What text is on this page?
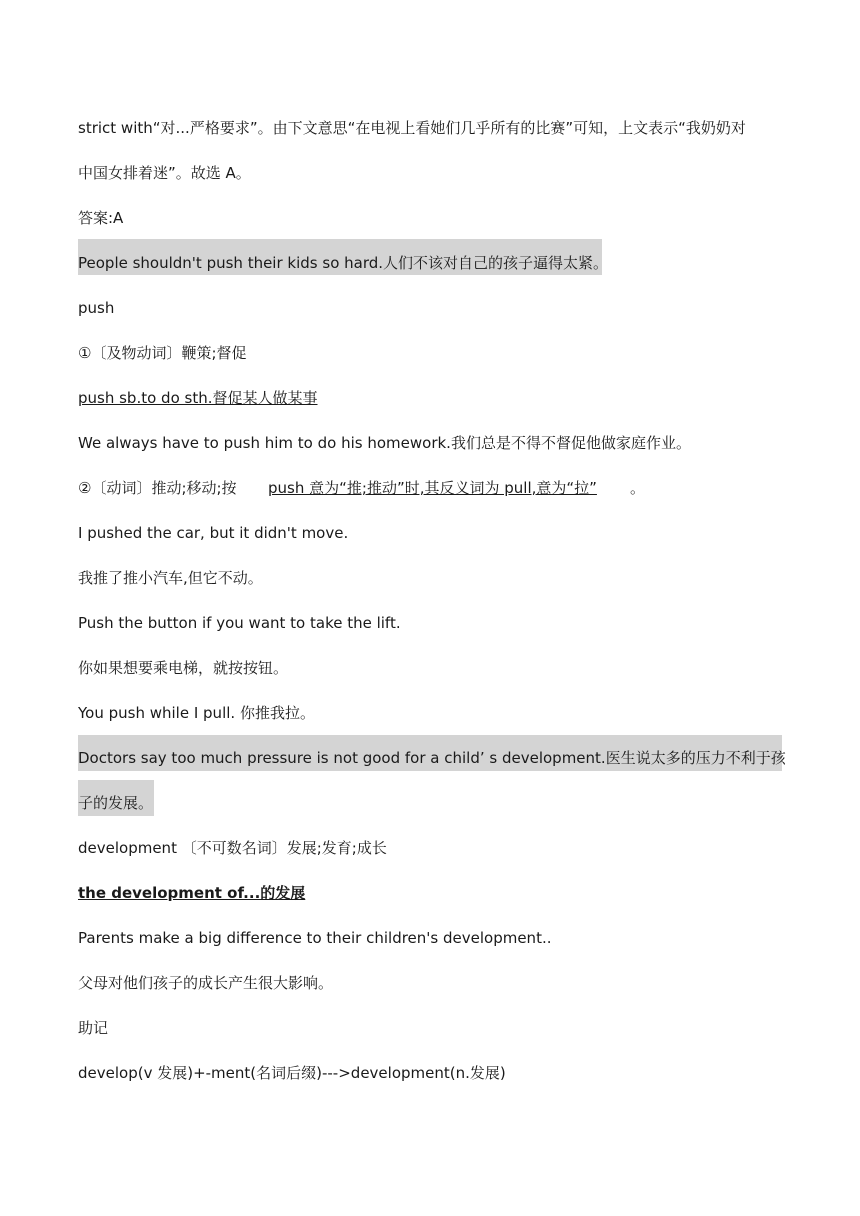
strict with“对...严格要求”。由下文意思“在电视上看她们几乎所有的比赛”可知，上文表示“我奶奶对
中国女排着迷”。故选 A。
答案:A
People shouldn't push their kids so hard.人们不该对自己的孩子逼得太紧。
push
①〔及物动词〕鞭策;督促
push sb.to do sth.督促某人做某事
We always have to push him to do his homework.我们总是不得不督促他做家庭作业。
②〔动词〕推动;移动;按 push 意为“推;推动”时,其反义词为 pull,意为“拉” 。
I pushed the car, but it didn't move.
我推了推小汽车,但它不动。
Push the button if you want to take the lift.
你如果想要乘电梯，就按按钮。
You push while I pull. 你推我拉。
Doctors say too much pressure is not good for a child’ s development.医生说太多的压力不利于孩
子的发展。
development 〔不可数名词〕发展;发育;成长
the development of...的发展
Parents make a big difference to their children's development..
父母对他们孩子的成长产生很大影响。
助记
develop(v 发展)+-ment(名词后缀)--->development(n.发展)
